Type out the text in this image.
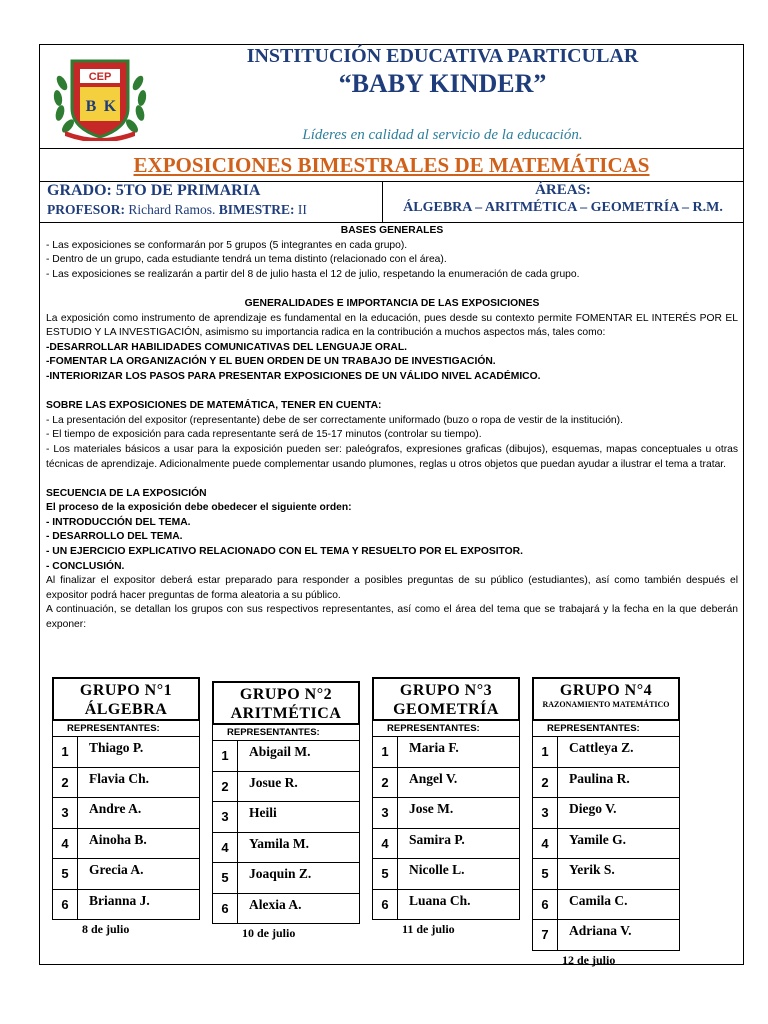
CEP
B K
INSTITUCIÓN EDUCATIVA PARTICULAR
“BABY KINDER”
Líderes en calidad al servicio de la educación.
EXPOSICIONES BIMESTRALES DE MATEMÁTICAS
GRADO: 5TO DE PRIMARIA
PROFESOR: Richard Ramos. BIMESTRE: II
ÁREAS:
ÁLGEBRA – ARITMÉTICA – GEOMETRÍA – R.M.

BASES GENERALES

- Las exposiciones se conformarán por 5 grupos (5 integrantes en cada grupo).

- Dentro de un grupo, cada estudiante tendrá un tema distinto (relacionado con el área).

- Las exposiciones se realizarán a partir del 8 de julio hasta el 12 de julio, respetando la enumeración de cada grupo.

GENERALIDADES E IMPORTANCIA DE LAS EXPOSICIONES

La exposición como instrumento de aprendizaje es fundamental en la educación, pues desde su contexto permite FOMENTAR EL INTERÉS POR EL ESTUDIO Y LA INVESTIGACIÓN, asimismo su importancia radica en la contribución a muchos aspectos más, tales como:

-DESARROLLAR HABILIDADES COMUNICATIVAS DEL LENGUAJE ORAL.

-FOMENTAR LA ORGANIZACIÓN Y EL BUEN ORDEN DE UN TRABAJO DE INVESTIGACIÓN.

-INTERIORIZAR LOS PASOS PARA PRESENTAR EXPOSICIONES DE UN VÁLIDO NIVEL ACADÉMICO.

SOBRE LAS EXPOSICIONES DE MATEMÁTICA, TENER EN CUENTA:

- La presentación del expositor (representante) debe de ser correctamente uniformado (buzo o ropa de vestir de la institución).

- El tiempo de exposición para cada representante será de 15-17 minutos (controlar su tiempo).

- Los materiales básicos a usar para la exposición pueden ser: paleógrafos, expresiones graficas (dibujos), esquemas, mapas conceptuales u otras técnicas de aprendizaje. Adicionalmente puede complementar usando plumones, reglas u otros objetos que puedan ayudar a ilustrar el tema a tratar.

SECUENCIA DE LA EXPOSICIÓN

El proceso de la exposición debe obedecer el siguiente orden:

- INTRODUCCIÓN DEL TEMA.

- DESARROLLO DEL TEMA.

- UN EJERCICIO EXPLICATIVO RELACIONADO CON EL TEMA Y RESUELTO POR EL EXPOSITOR.

- CONCLUSIÓN.

Al finalizar el expositor deberá estar preparado para responder a posibles preguntas de su público (estudiantes), así como también después el expositor podrá hacer preguntas de forma aleatoria a su público.

A continuación, se detallan los grupos con sus respectivos representantes, así como el área del tema que se trabajará y la fecha en la que deberán exponer:

GRUPO N°1
ÁLGEBRA
REPRESENTANTES:
1	Thiago P.
2	Flavia Ch.
3	Andre A.
4	Ainoha B.
5	Grecia A.
6	Brianna J.
8 de julio
GRUPO N°2
ARITMÉTICA
REPRESENTANTES:
1	Abigail M.
2	Josue R.
3	Heili
4	Yamila M.
5	Joaquin Z.
6	Alexia A.
10 de julio
GRUPO N°3
GEOMETRÍA
REPRESENTANTES:
1	Maria F.
2	Angel V.
3	Jose M.
4	Samira P.
5	Nicolle L.
6	Luana Ch.
11 de julio
GRUPO N°4
RAZONAMIENTO MATEMÁTICO
REPRESENTANTES:
1	Cattleya Z.
2	Paulina R.
3	Diego V.
4	Yamile G.
5	Yerik S.
6	Camila C.
7	Adriana V.
12 de julio
